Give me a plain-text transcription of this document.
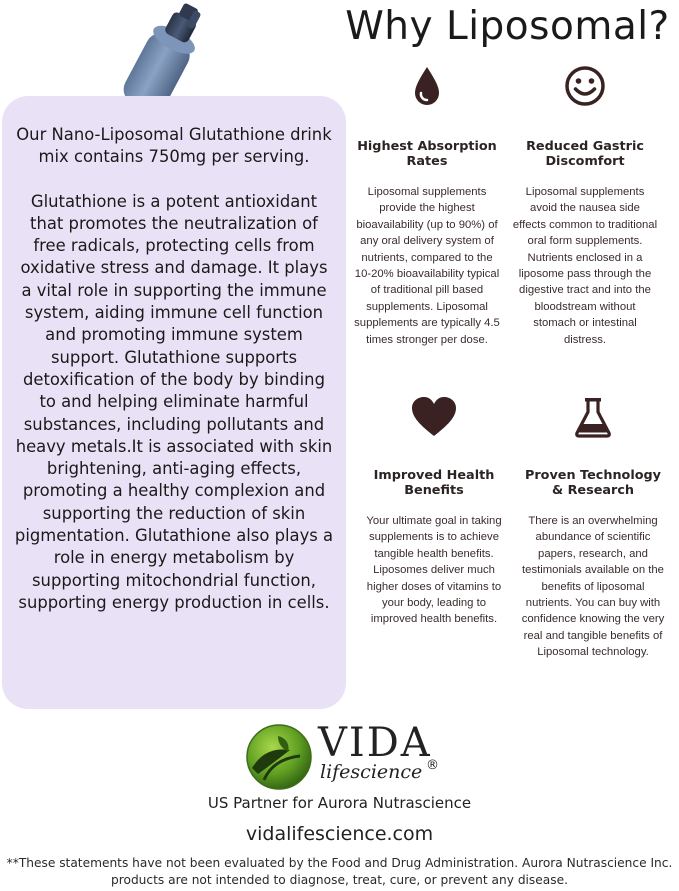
Our Nano-Liposomal Glutathione drink mix contains 750mg per serving.

Glutathione is a potent antioxidant that promotes the neutralization of free radicals, protecting cells from oxidative stress and damage. It plays a vital role in supporting the immune system, aiding immune cell function and promoting immune system support. Glutathione supports detoxification of the body by binding to and helping eliminate harmful substances, including pollutants and heavy metals.It is associated with skin brightening, anti-aging effects, promoting a healthy complexion and supporting the reduction of skin pigmentation. Glutathione also plays a role in energy metabolism by supporting mitochondrial function, supporting energy production in cells.

Why Liposomal?
Highest Absorption Rates

Liposomal supplements provide the highest bioavailability (up to 90%) of any oral delivery system of nutrients, compared to the 10-20% bioavailability typical of traditional pill based supplements. Liposomal supplements are typically 4.5 times stronger per dose.

Reduced Gastric Discomfort

Liposomal supplements avoid the nausea side effects common to traditional oral form supplements. Nutrients enclosed in a liposome pass through the digestive tract and into the bloodstream without stomach or intestinal distress.

Improved Health Benefits

Your ultimate goal in taking supplements is to achieve tangible health benefits. Liposomes deliver much higher doses of vitamins to your body, leading to improved health benefits.

Proven Technology & Research

There is an overwhelming abundance of scientific papers, research, and testimonials available on the benefits of liposomal nutrients. You can buy with confidence knowing the very real and tangible benefits of Liposomal technology.

VIDA
lifescience ®
US Partner for Aurora Nutrascience
vidalifescience.com
**These statements have not been evaluated by the Food and Drug Administration. Aurora Nutrascience Inc. products are not intended to diagnose, treat, cure, or prevent any disease.
